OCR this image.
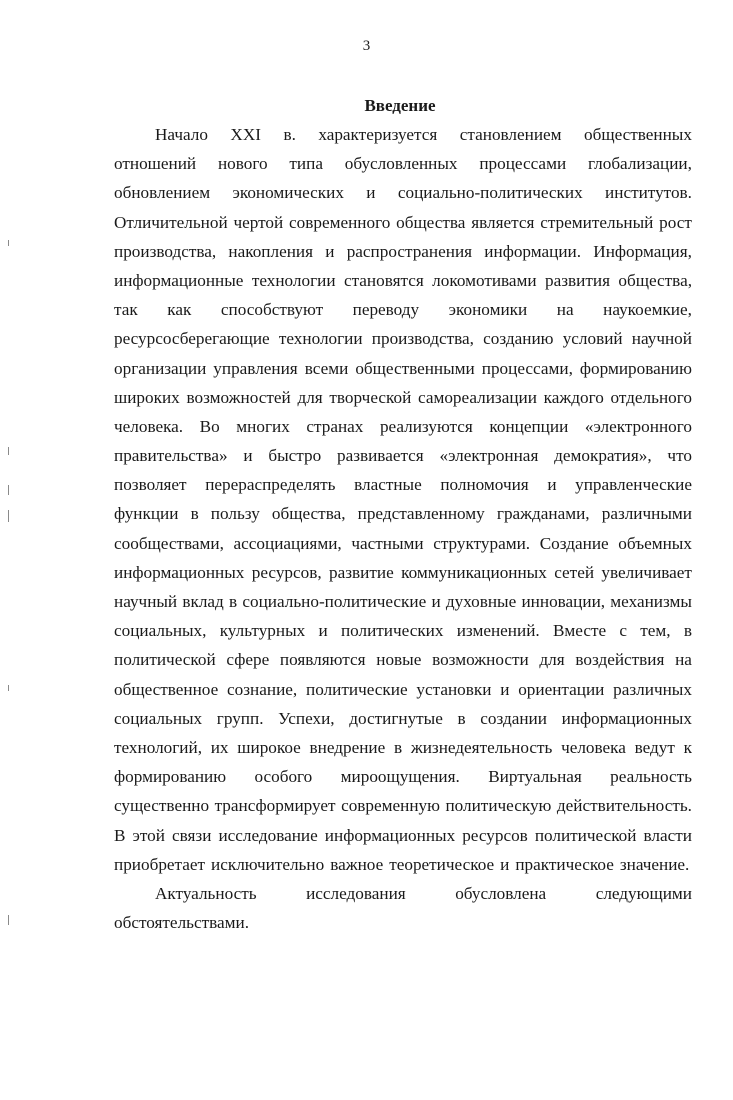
3
Введение
Начало XXI в. характеризуется становлением общественных
отношений нового типа обусловленных процессами глобализации,
обновлением экономических и социально-политических институтов.
Отличительной чертой современного общества является стремительный рост
производства, накопления и распространения информации. Информация,
информационные технологии становятся локомотивами развития общества,
так как способствуют переводу экономики на наукоемкие,
ресурсосберегающие технологии производства, созданию условий научной
организации управления всеми общественными процессами, формированию
широких возможностей для творческой самореализации каждого отдельного
человека. Во многих странах реализуются концепции «электронного
правительства» и быстро развивается «электронная демократия», что
позволяет перераспределять властные полномочия и управленческие
функции в пользу общества, представленному гражданами, различными
сообществами, ассоциациями, частными структурами. Создание объемных
информационных ресурсов, развитие коммуникационных сетей увеличивает
научный вклад в социально-политические и духовные инновации, механизмы
социальных, культурных и политических изменений. Вместе с тем, в
политической сфере появляются новые возможности для воздействия на
общественное сознание, политические установки и ориентации различных
социальных групп. Успехи, достигнутые в создании информационных
технологий, их широкое внедрение в жизнедеятельность человека ведут к
формированию особого мироощущения. Виртуальная реальность
существенно трансформирует современную политическую действительность.
В этой связи исследование информационных ресурсов политической власти
приобретает исключительно важное теоретическое и практическое значение.
Актуальность	исследования	обусловлена	следующими
обстоятельствами.
